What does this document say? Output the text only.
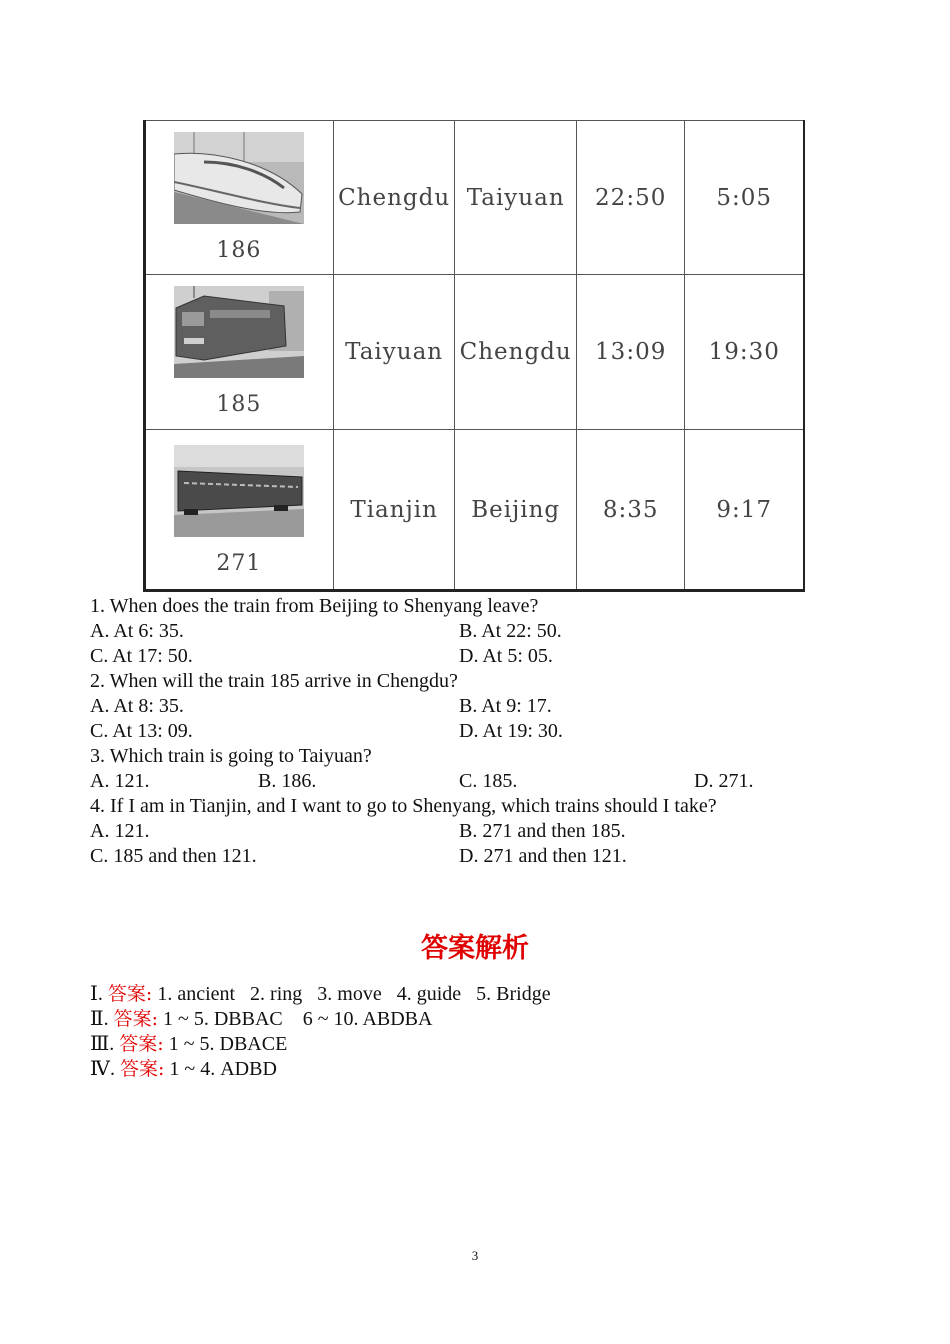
186	Chengdu	Taiyuan	22:50	5:05

185	Taiyuan	Chengdu	13:09	19:30

271	Tianjin	Beijing	8:35	9:17
1. When does the train from Beijing to Shenyang leave?
A. At 6: 35.	B. At 22: 50.
C. At 17: 50.	D. At 5: 05.
2. When will the train 185 arrive in Chengdu?
A. At 8: 35.	B. At 9: 17.
C. At 13: 09.	D. At 19: 30.
3. Which train is going to Taiyuan?
A. 121.	B. 186.	C. 185.	D. 271.
4. If I am in Tianjin, and I want to go to Shenyang, which trains should I take?
A. 121.	B. 271 and then 185.
C. 185 and then 121.	D. 271 and then 121.
答案解析
Ⅰ. 答案: 1. ancient   2. ring   3. move   4. guide   5. Bridge
Ⅱ. 答案: 1 ~ 5. DBBAC    6 ~ 10. ABDBA
Ⅲ. 答案: 1 ~ 5. DBACE
Ⅳ. 答案: 1 ~ 4. ADBD
3
